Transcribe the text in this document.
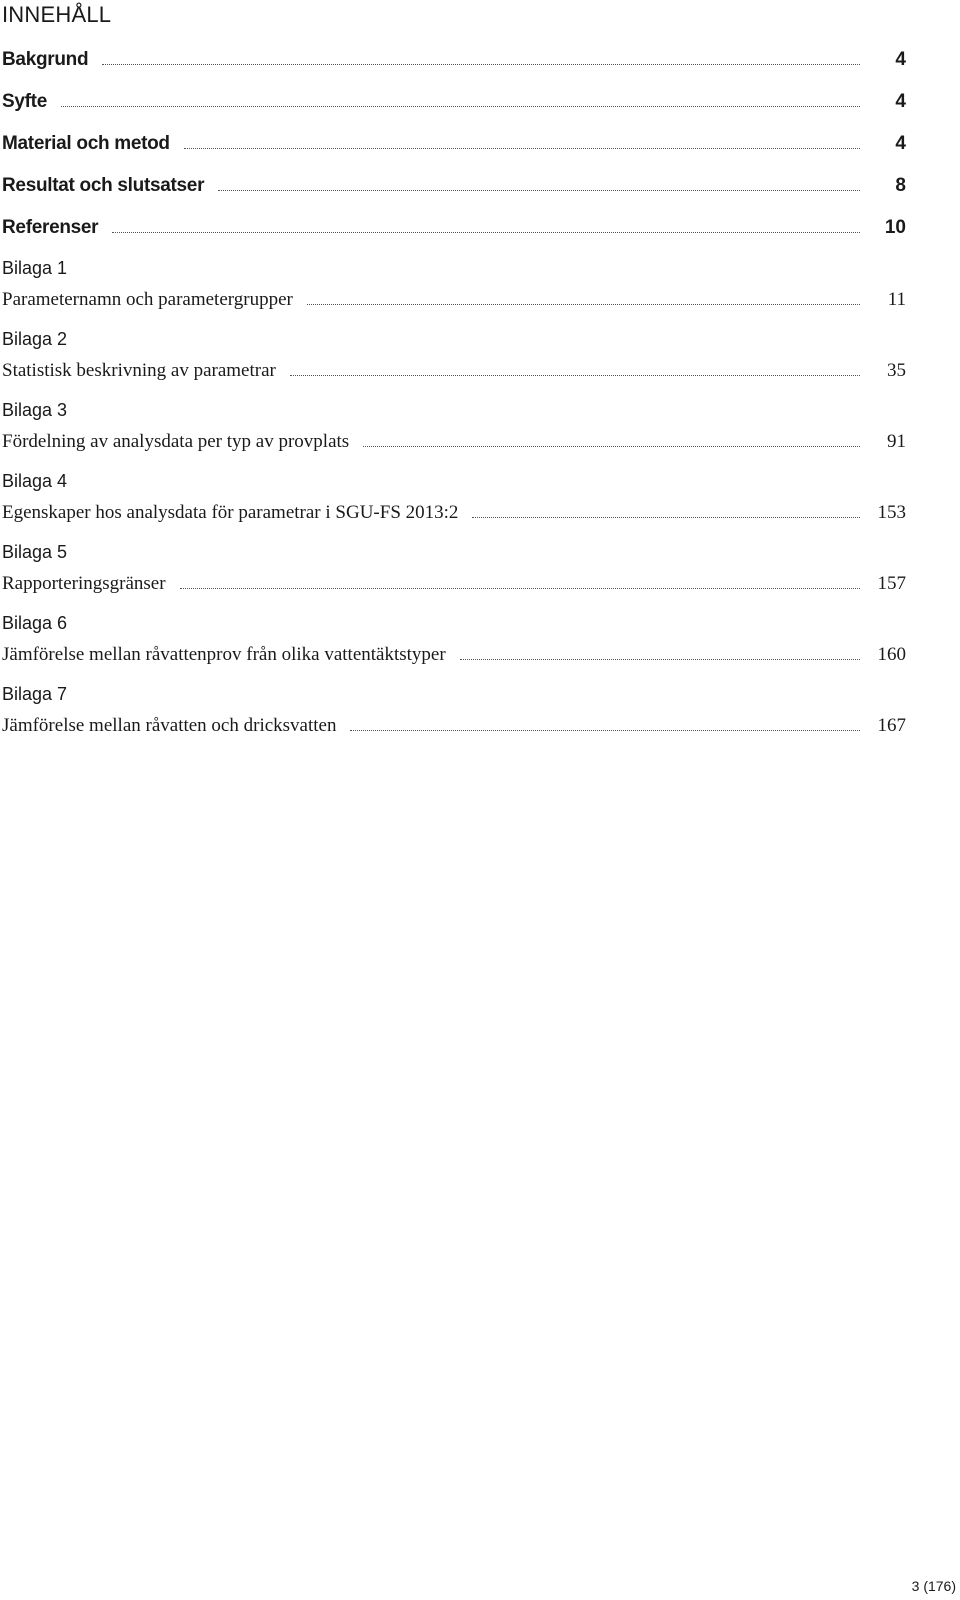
INNEHÅLL
Bakgrund	4
Syfte	4
Material och metod	4
Resultat och slutsatser	8
Referenser	10
Bilaga 1
Parameternamn och parametergrupper	11
Bilaga 2
Statistisk beskrivning av parametrar	35
Bilaga 3
Fördelning av analysdata per typ av provplats	91
Bilaga 4
Egenskaper hos analysdata för parametrar i SGU-FS 2013:2	153
Bilaga 5
Rapporteringsgränser	157
Bilaga 6
Jämförelse mellan råvattenprov från olika vattentäktstyper	160
Bilaga 7
Jämförelse mellan råvatten och dricksvatten	167
3 (176)
